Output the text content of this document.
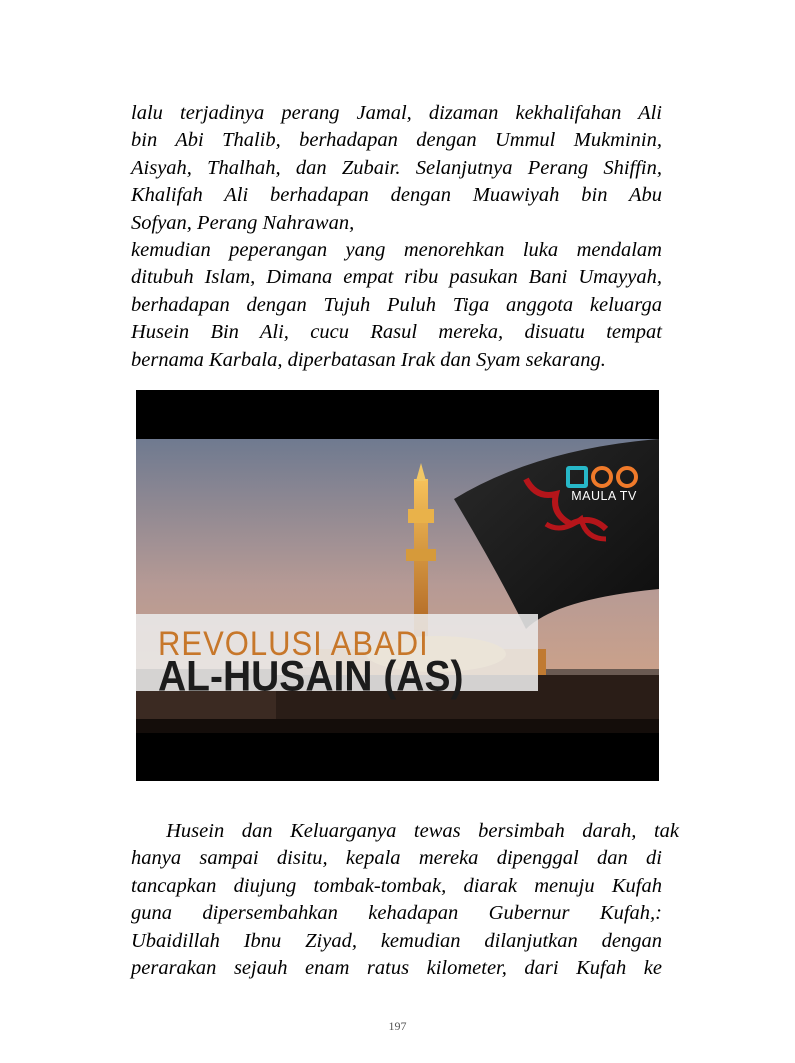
lalu terjadinya perang Jamal, dizaman kekhalifahan Ali
bin Abi Thalib, berhadapan dengan Ummul Mukminin,
Aisyah, Thalhah, dan Zubair. Selanjutnya Perang Shiffin,
Khalifah Ali berhadapan dengan Muawiyah bin Abu
Sofyan, Perang Nahrawan,
kemudian peperangan yang menorehkan luka mendalam
ditubuh Islam, Dimana empat ribu pasukan Bani Umayyah,
berhadapan dengan Tujuh Puluh Tiga anggota keluarga
Husein Bin Ali, cucu Rasul mereka, disuatu tempat
bernama Karbala, diperbatasan Irak dan Syam sekarang.
REVOLUSI ABADI
AL-HUSAIN (AS)
MAULA TV
Husein dan Keluarganya tewas bersimbah darah, tak
hanya sampai disitu, kepala mereka dipenggal dan di
tancapkan diujung tombak-tombak, diarak menuju Kufah
guna dipersembahkan kehadapan Gubernur Kufah,:
Ubaidillah Ibnu Ziyad, kemudian dilanjutkan dengan
perarakan sejauh enam ratus kilometer, dari Kufah ke
197
